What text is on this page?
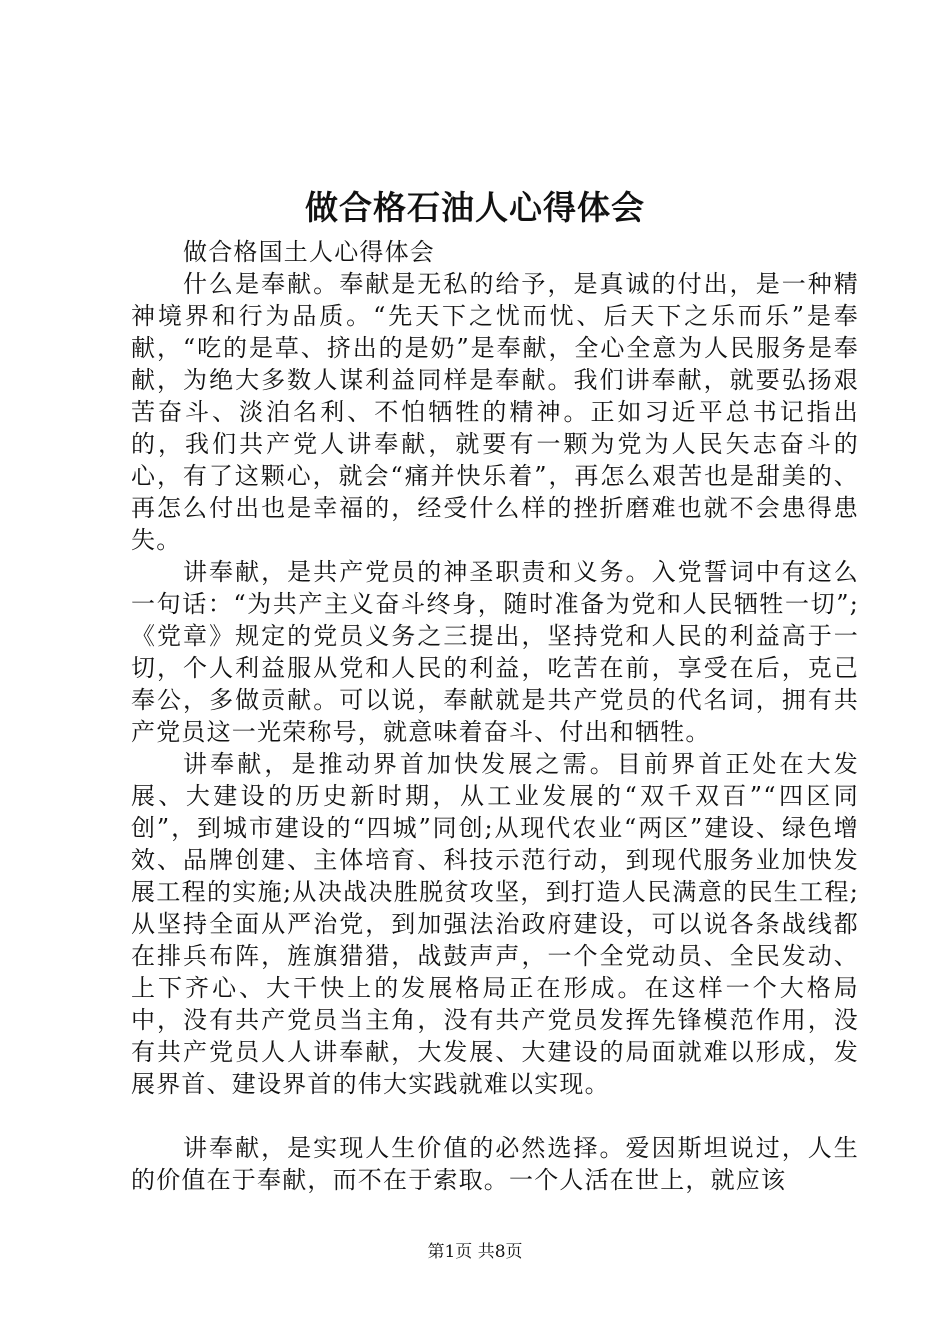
做合格石油人心得体会

做合格国土人心得体会

什么是奉献。奉献是无私的给予，是真诚的付出，是一种精神境界和行为品质。“先天下之忧而忧、后天下之乐而乐”是奉献，“吃的是草、挤出的是奶”是奉献，全心全意为人民服务是奉献，为绝大多数人谋利益同样是奉献。我们讲奉献，就要弘扬艰苦奋斗、淡泊名利、不怕牺牲的精神。正如习近平总书记指出的，我们共产党人讲奉献，就要有一颗为党为人民矢志奋斗的心，有了这颗心，就会“痛并快乐着”，再怎么艰苦也是甜美的、再怎么付出也是幸福的，经受什么样的挫折磨难也就不会患得患失。

讲奉献，是共产党员的神圣职责和义务。入党誓词中有这么一句话：“为共产主义奋斗终身，随时准备为党和人民牺牲一切”;《党章》规定的党员义务之三提出，坚持党和人民的利益高于一切，个人利益服从党和人民的利益，吃苦在前，享受在后，克己奉公，多做贡献。可以说，奉献就是共产党员的代名词，拥有共产党员这一光荣称号，就意味着奋斗、付出和牺牲。

讲奉献，是推动界首加快发展之需。目前界首正处在大发展、大建设的历史新时期，从工业发展的“双千双百”“四区同创”，到城市建设的“四城”同创;从现代农业“两区”建设、绿色增效、品牌创建、主体培育、科技示范行动，到现代服务业加快发展工程的实施;从决战决胜脱贫攻坚，到打造人民满意的民生工程;从坚持全面从严治党，到加强法治政府建设，可以说各条战线都在排兵布阵，旌旗猎猎，战鼓声声，一个全党动员、全民发动、上下齐心、大干快上的发展格局正在形成。在这样一个大格局中，没有共产党员当主角，没有共产党员发挥先锋模范作用，没有共产党员人人讲奉献，大发展、大建设的局面就难以形成，发展界首、建设界首的伟大实践就难以实现。

讲奉献，是实现人生价值的必然选择。爱因斯坦说过，人生的价值在于奉献，而不在于索取。一个人活在世上，就应该

第1页 共8页
